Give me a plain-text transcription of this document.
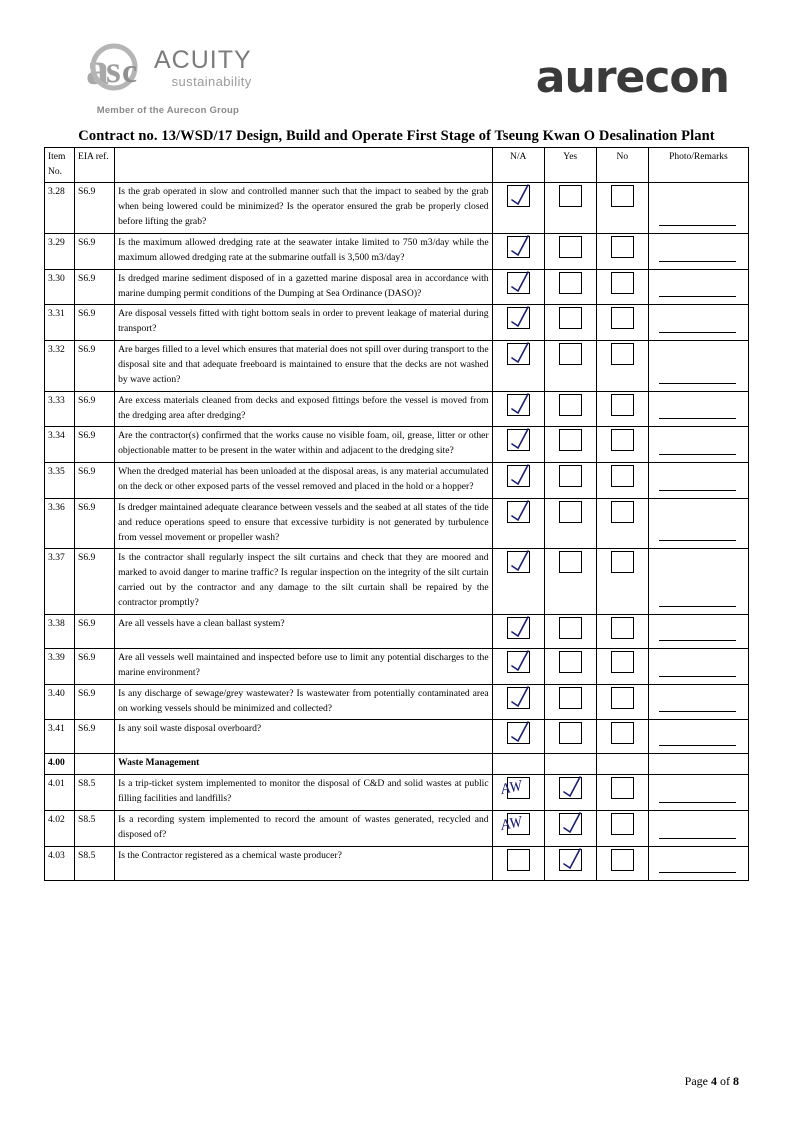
a
s c ACUITY
sustainability
Member of the Aurecon Group
aurecon
Contract no. 13/WSD/17 Design, Build and Operate First Stage of Tseung Kwan O Desalination Plant
Item
No.	EIA ref.		N/A	Yes	No	Photo/Remarks
3.28	S6.9	Is the grab operated in slow and controlled manner such that the impact to seabed by the grab when being lowered could be minimized? Is the operator ensured the grab be properly closed before lifting the grab?	

3.29	S6.9	Is the maximum allowed dredging rate at the seawater intake limited to 750 m3/day while the maximum allowed dredging rate at the submarine outfall is 3,500 m3/day?	

3.30	S6.9	Is dredged marine sediment disposed of in a gazetted marine disposal area in accordance with marine dumping permit conditions of the Dumping at Sea Ordinance (DASO)?	

3.31	S6.9	Are disposal vessels fitted with tight bottom seals in order to prevent leakage of material during transport?	

3.32	S6.9	Are barges filled to a level which ensures that material does not spill over during transport to the disposal site and that adequate freeboard is maintained to ensure that the decks are not washed by wave action?	

3.33	S6.9	Are excess materials cleaned from decks and exposed fittings before the vessel is moved from the dredging area after dredging?	

3.34	S6.9	Are the contractor(s) confirmed that the works cause no visible foam, oil, grease, litter or other objectionable matter to be present in the water within and adjacent to the dredging site?	

3.35	S6.9	When the dredged material has been unloaded at the disposal areas, is any material accumulated on the deck or other exposed parts of the vessel removed and placed in the hold or a hopper?	

3.36	S6.9	Is dredger maintained adequate clearance between vessels and the seabed at all states of the tide and reduce operations speed to ensure that excessive turbidity is not generated by turbulence from vessel movement or propeller wash?	

3.37	S6.9	Is the contractor shall regularly inspect the silt curtains and check that they are moored and marked to avoid danger to marine traffic? Is regular inspection on the integrity of the silt curtain carried out by the contractor and any damage to the silt curtain shall be repaired by the contractor promptly?	

3.38	S6.9	Are all vessels have a clean ballast system?	

3.39	S6.9	Are all vessels well maintained and inspected before use to limit any potential discharges to the marine environment?	

3.40	S6.9	Is any discharge of sewage/grey wastewater? Is wastewater from potentially contaminated area on working vessels should be minimized and collected?	

3.41	S6.9	Is any soil waste disposal overboard?	

4.00		Waste Management				
4.01	S8.5	Is a trip-ticket system implemented to monitor the disposal of C&D and solid wastes at public filling facilities and landfills?	AW

4.02	S8.5	Is a recording system implemented to record the amount of wastes generated, recycled and disposed of?	AW

4.03	S8.5	Is the Contractor registered as a chemical waste producer?	

Page 4 of 8
